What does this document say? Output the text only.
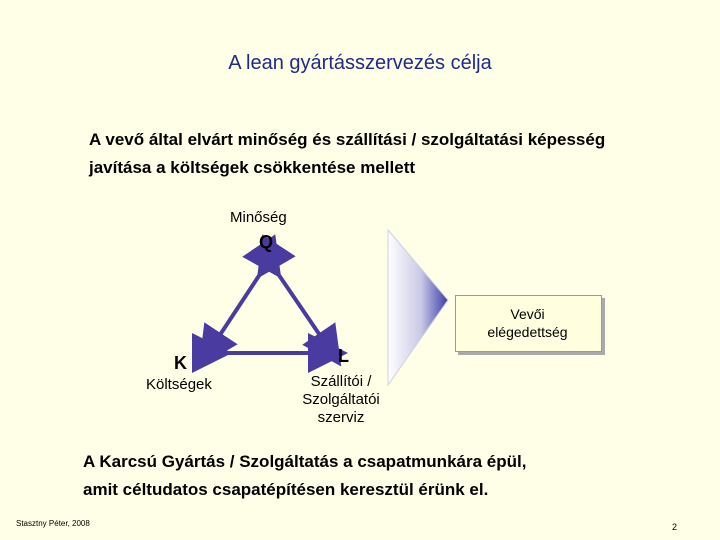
A lean gyártásszervezés célja
A vevő által elvárt minőség és szállítási / szolgáltatási képesség
javítása a költségek csökkentése mellett
Minőség
Q
K
Költségek
L
Szállítói /
Szolgáltatói
szerviz
Vevői
elégedettség
A Karcsú Gyártás / Szolgáltatás a csapatmunkára épül,
amit céltudatos csapatépítésen keresztül érünk el.
Stasztny Péter, 2008	2
